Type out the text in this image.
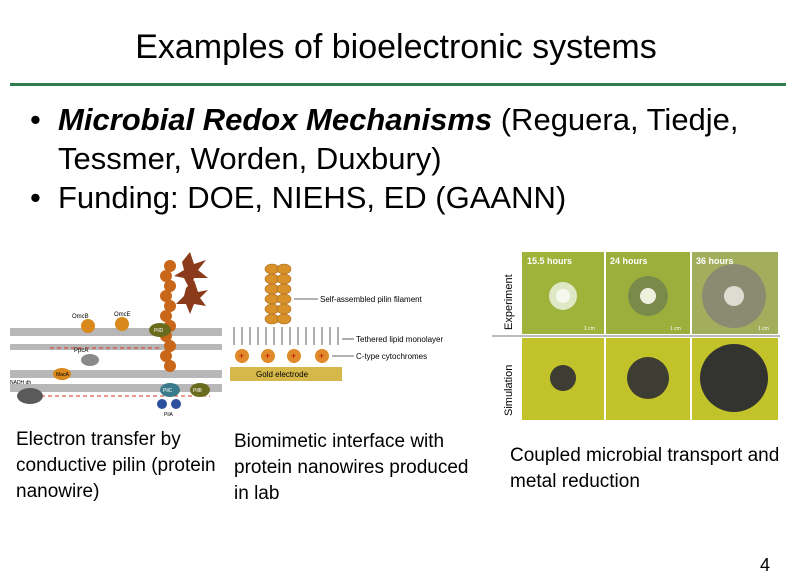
Examples of bioelectronic systems
• Microbial Redox Mechanisms (Reguera, Tiedje, Tessmer, Worden, Duxbury)
• Funding: DOE, NIEHS, ED (GAANN)
OmcB	OmcE
PilD
PpcA
MacA
NADH dh
PilC	PilB
PilA
Self-assembled pilin filament
Tethered lipid monolayer
+ + +	+	C-type cytochromes
Gold electrode
Experiment
Simulation
15.5 hours
1 cm
24 hours
1 cm
36 hours
1 cm
Electron transfer by conductive pilin (protein nanowire)
Biomimetic interface with protein nanowires produced in lab
Coupled microbial transport and metal reduction
4
